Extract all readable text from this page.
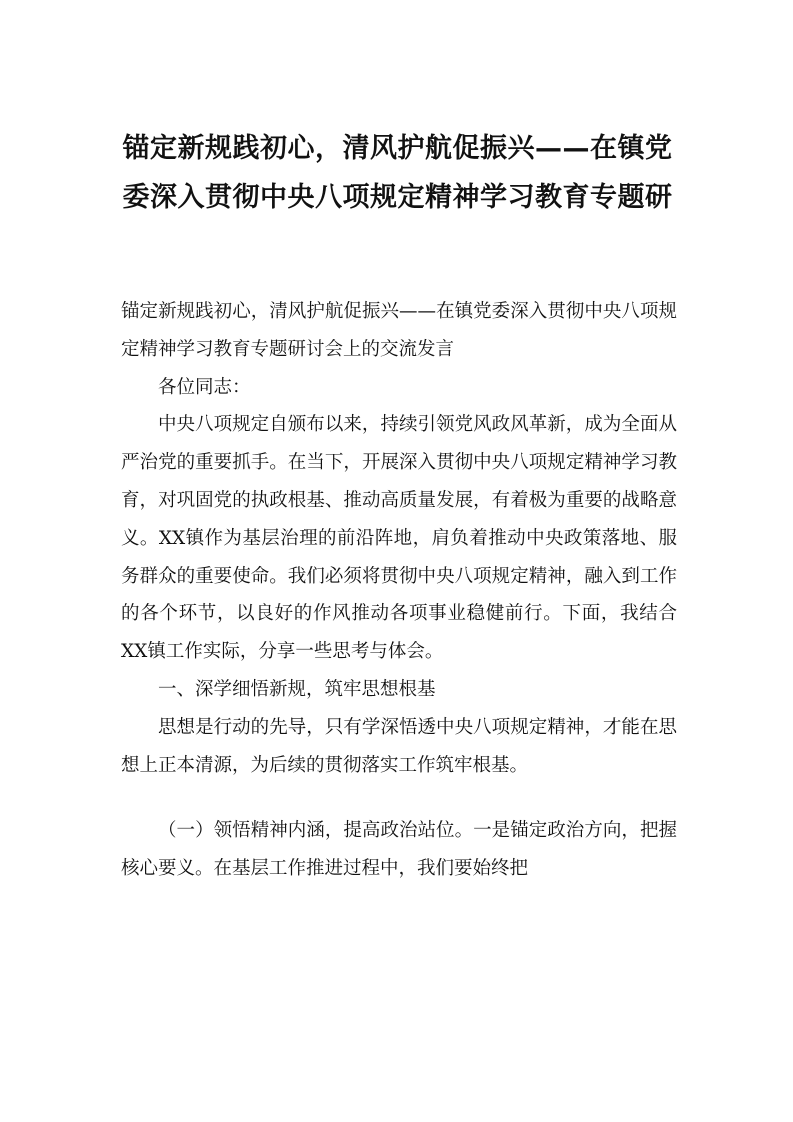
锚定新规践初心，清风护航促振兴——在镇党委深入贯彻中央八项规定精神学习教育专题研

锚定新规践初心，清风护航促振兴——在镇党委深入贯彻中央八项规定精神学习教育专题研讨会上的交流发言

各位同志：

中央八项规定自颁布以来，持续引领党风政风革新，成为全面从严治党的重要抓手。在当下，开展深入贯彻中央八项规定精神学习教育，对巩固党的执政根基、推动高质量发展，有着极为重要的战略意义。XX镇作为基层治理的前沿阵地，肩负着推动中央政策落地、服务群众的重要使命。我们必须将贯彻中央八项规定精神，融入到工作的各个环节，以良好的作风推动各项事业稳健前行。下面，我结合XX镇工作实际，分享一些思考与体会。

一、深学细悟新规，筑牢思想根基

思想是行动的先导，只有学深悟透中央八项规定精神，才能在思想上正本清源，为后续的贯彻落实工作筑牢根基。

（一）领悟精神内涵，提高政治站位。一是锚定政治方向，把握核心要义。在基层工作推进过程中，我们要始终把
